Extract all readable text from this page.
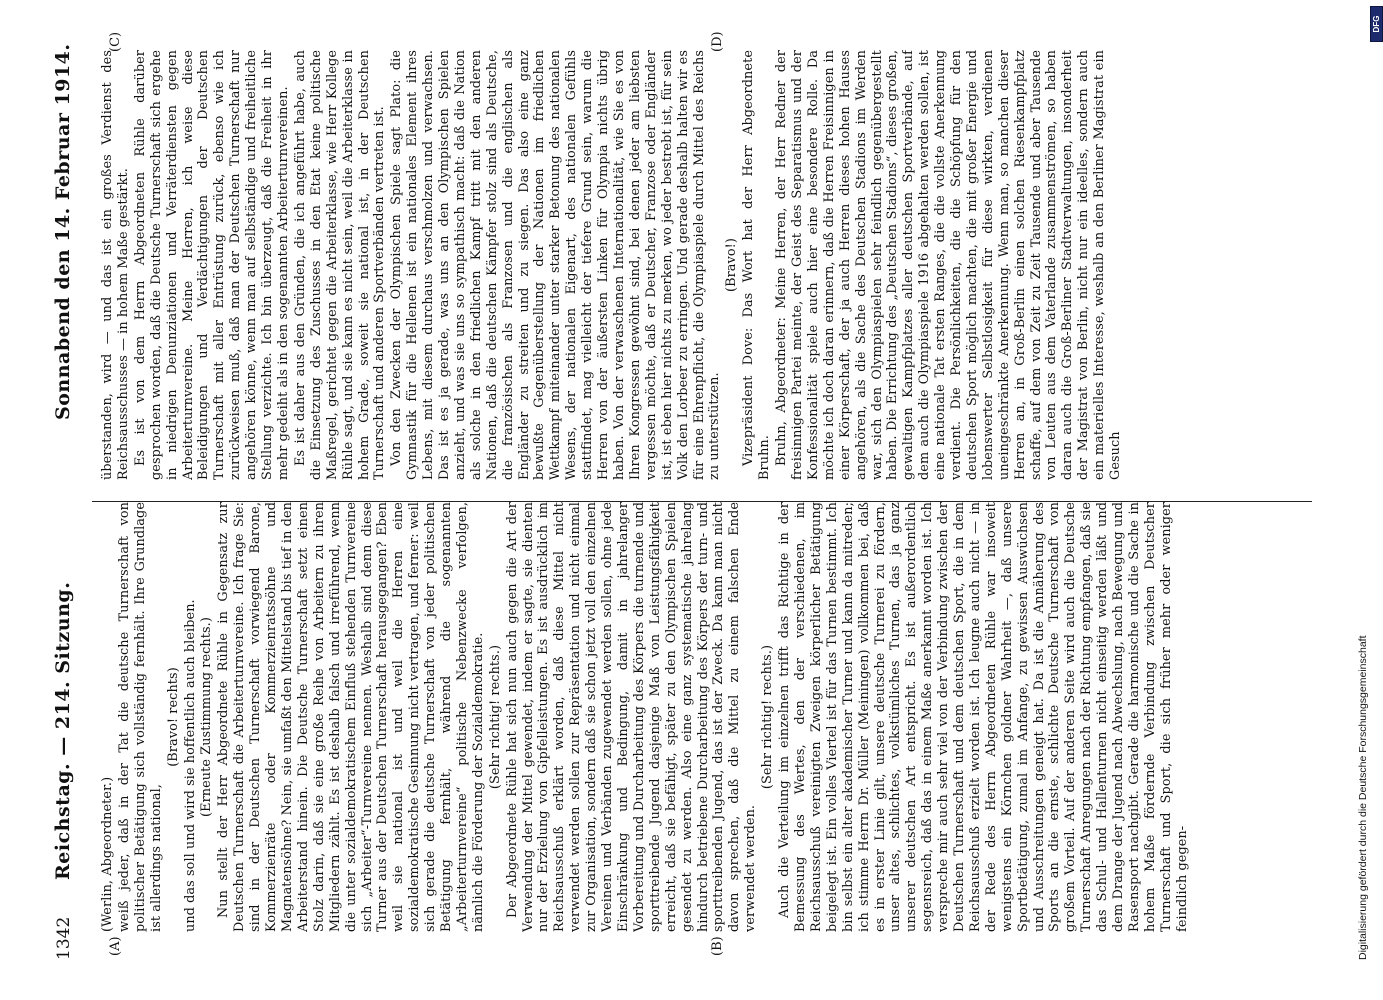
1342
Reichstag. — 214. Sitzung.
Sonnabend den 14. Februar 1914.
(A)	(B)
(C)	(D)

(Werlin, Abgeordneter.) weiß jeder, daß in der Tat die deutsche Turnerschaft von politischer Betätigung sich vollständig fernhält. Ihre Grundlage ist allerdings national,

(Bravo! rechts) und das soll und wird sie hoffentlich auch bleiben. (Erneute Zustimmung rechts.) Nun stellt der Herr Abgeordnete Rühle in Gegensatz zur Deutschen Turnerschaft die Arbeiterturnvereine. Ich frage Sie: sind in der Deutschen Turnerschaft vorwiegend Barone, Kommerzienräte oder Kommerzienratssöhne und Magnatensöhne? Nein, sie umfaßt den Mittelstand bis tief in den Arbeiterstand hinein. Die Deutsche Turnerschaft setzt einen Stolz darin, daß sie eine große Reihe von Arbeitern zu ihren Mitgliedern zählt. Es ist deshalb falsch und irreführend, wenn die unter sozialdemokratischem Einfluß stehenden Turnvereine sich „Arbeiter“-Turnvereine nennen. Weshalb sind denn diese Turner aus der Deutschen Turnerschaft herausgegangen? Eben weil sie national ist und weil die Herren eine sozialdemokratische Gesinnung nicht vertragen, und ferner: weil sich gerade die deutsche Turnerschaft von jeder politischen Betätigung fernhält, während die sogenannten „Arbeiterturnvereine“ politische Nebenzwecke verfolgen, nämlich die Förderung der Sozialdemokratie. (Sehr richtig! rechts.) Der Abgeordnete Rühle hat sich nun auch gegen die Art der Verwendung der Mittel gewendet, indem er sagte, sie dienten nur der Erzielung von Gipfelleistungen. Es ist ausdrücklich im Reichsausschuß erklärt worden, daß diese Mittel nicht verwendet werden sollen zur Repräsentation und nicht einmal zur Organisation, sondern daß sie schon jetzt voll den einzelnen Vereinen und Verbänden zugewendet werden sollen, ohne jede Einschränkung und Bedingung, damit in jahrelanger Vorbereitung und Durcharbeitung des Körpers die turnende und sporttreibende Jugend dasjenige Maß von Leistungsfähigkeit erreicht, daß sie befähigt, später zu den Olympischen Spielen gesendet zu werden. Also eine ganz systematische jahrelang hindurch betriebene Durcharbeitung des Körpers der turn- und sporttreibenden Jugend, das ist der Zweck. Da kann man nicht davon sprechen, daß die Mittel zu einem falschen Ende verwendet werden.

(Sehr richtig! rechts.) Auch die Verteilung im einzelnen trifft das Richtige in der Bemessung des Wertes, den der verschiedenen, im Reichsausschuß vereinigten Zweigen körperlicher Betätigung beigelegt ist. Ein volles Viertel ist für das Turnen bestimmt. Ich bin selbst ein alter akademischer Turner und kann da mitreden; ich stimme Herrn Dr. Müller (Meiningen) vollkommen bei, daß es in erster Linie gilt, unsere deutsche Turnerei zu fördern, unser altes, schlichtes, volkstümliches Turnen, das ja ganz unserer deutschen Art entspricht. Es ist außerordentlich segensreich, daß das in einem Maße anerkannt worden ist. Ich verspreche mir auch sehr viel von der Verbindung zwischen der Deutschen Turnerschaft und dem deutschen Sport, die in dem Reichsausschuß erzielt worden ist. Ich leugne auch nicht — in der Rede des Herrn Abgeordneten Rühle war insoweit wenigstens ein Körnchen goldner Wahrheit —, daß unsere Sportbetätigung, zumal im Anfange, zu gewissen Auswüchsen und Ausschreitungen geneigt hat. Da ist die Annäherung des Sports an die ernste, schlichte Deutsche Turnerschaft von großem Vorteil. Auf der anderen Seite wird auch die Deutsche Turnerschaft Anregungen nach der Richtung empfangen, daß sie das Schul- und Hallenturnen nicht einseitig werden läßt und dem Drange der Jugend nach Abwechslung, nach Bewegung und Rasensport nachgibt. Gerade die harmonische und die Sache in hohem Maße fördernde Verbindung zwischen Deutscher Turnerschaft und Sport, die sich früher mehr oder weniger feindlich gegen-

überstanden, wird — und das ist ein großes Verdienst des Reichsausschusses — in hohem Maße gestärkt. Es ist von dem Herrn Abgeordneten Rühle darüber gesprochen worden, daß die Deutsche Turnerschaft sich ergehe in niedrigen Denunziationen und Verräterdiensten gegen Arbeiterturnvereine. Meine Herren, ich weise diese Beleidigungen und Verdächtigungen der Deutschen Turnerschaft mit aller Entrüstung zurück, ebenso wie ich zurückweisen muß, daß man der Deutschen Turnerschaft nur angehören könne, wenn man auf selbständige und freiheitliche Stellung verzichte. Ich bin überzeugt, daß die Freiheit in ihr mehr gedeiht als in den sogenannten Arbeiterturnvereinen. Es ist daher aus den Gründen, die ich angeführt habe, auch die Einsetzung des Zuschusses in den Etat keine politische Maßregel, gerichtet gegen die Arbeiterklasse, wie Herr Kollege Rühle sagt, und sie kann es nicht sein, weil die Arbeiterklasse in hohem Grade, soweit sie national ist, in der Deutschen Turnerschaft und anderen Sportverbänden vertreten ist. Von den Zwecken der Olympischen Spiele sagt Plato: die Gymnastik für die Hellenen ist ein nationales Element ihres Lebens, mit diesem durchaus verschmolzen und verwachsen. Das ist es ja gerade, was uns an den Olympischen Spielen anzieht, und was sie uns so sympathisch macht: daß die Nation als solche in den friedlichen Kampf tritt mit den anderen Nationen, daß die deutschen Kämpfer stolz sind als Deutsche, die französischen als Franzosen und die englischen als Engländer zu streiten und zu siegen. Das also eine ganz bewußte Gegenüberstellung der Nationen im friedlichen Wettkampf miteinander unter starker Betonung des nationalen Wesens, der nationalen Eigenart, des nationalen Gefühls stattfindet, mag vielleicht der tiefere Grund sein, warum die Herren von der äußersten Linken für Olympia nichts übrig haben. Von der verwaschenen Internationalität, wie Sie es von Ihren Kongressen gewöhnt sind, bei denen jeder am liebsten vergessen möchte, daß er Deutscher, Franzose oder Engländer ist, ist eben hier nichts zu merken, wo jeder bestrebt ist, für sein Volk den Lorbeer zu erringen. Und gerade deshalb halten wir es für eine Ehrenpflicht, die Olympiaspiele durch Mittel des Reichs zu unterstützen.

(Bravo!) Vizepräsident Dove: Das Wort hat der Herr Abgeordnete Bruhn. Bruhn, Abgeordneter: Meine Herren, der Herr Redner der freisinnigen Partei meinte, der Geist des Separatismus und der Konfessionalität spiele auch hier eine besondere Rolle. Da möchte ich doch daran erinnern, daß die Herren Freisinnigen in einer Körperschaft, der ja auch Herren dieses hohen Hauses angehören, als die Sache des Deutschen Stadions im Werden war, sich den Olympiaspielen sehr feindlich gegenübergestellt haben. Die Errichtung des „Deutschen Stadions“, dieses großen, gewaltigen Kampfplatzes aller deutschen Sportverbände, auf dem auch die Olympiaspiele 1916 abgehalten werden sollen, ist eine nationale Tat ersten Ranges, die die vollste Anerkennung verdient. Die Persönlichkeiten, die die Schöpfung für den deutschen Sport möglich machten, die mit großer Energie und lobenswerter Selbstlosigkeit für diese wirkten, verdienen uneingeschränkte Anerkennung. Wenn man, so manchen dieser Herren an, in Groß-Berlin einen solchen Riesenkampfplatz schaffe, auf dem von Zeit zu Zeit Tausende und aber Tausende von Leuten aus dem Vaterlande zusammenströmen, so haben daran auch die Groß-Berliner Stadtverwaltungen, insonderheit der Magistrat von Berlin, nicht nur ein ideelles, sondern auch ein materielles Interesse, weshalb an den Berliner Magistrat ein Gesuch

Digitalisierung gefördert durch die Deutsche Forschungsgemeinschaft
DFG
